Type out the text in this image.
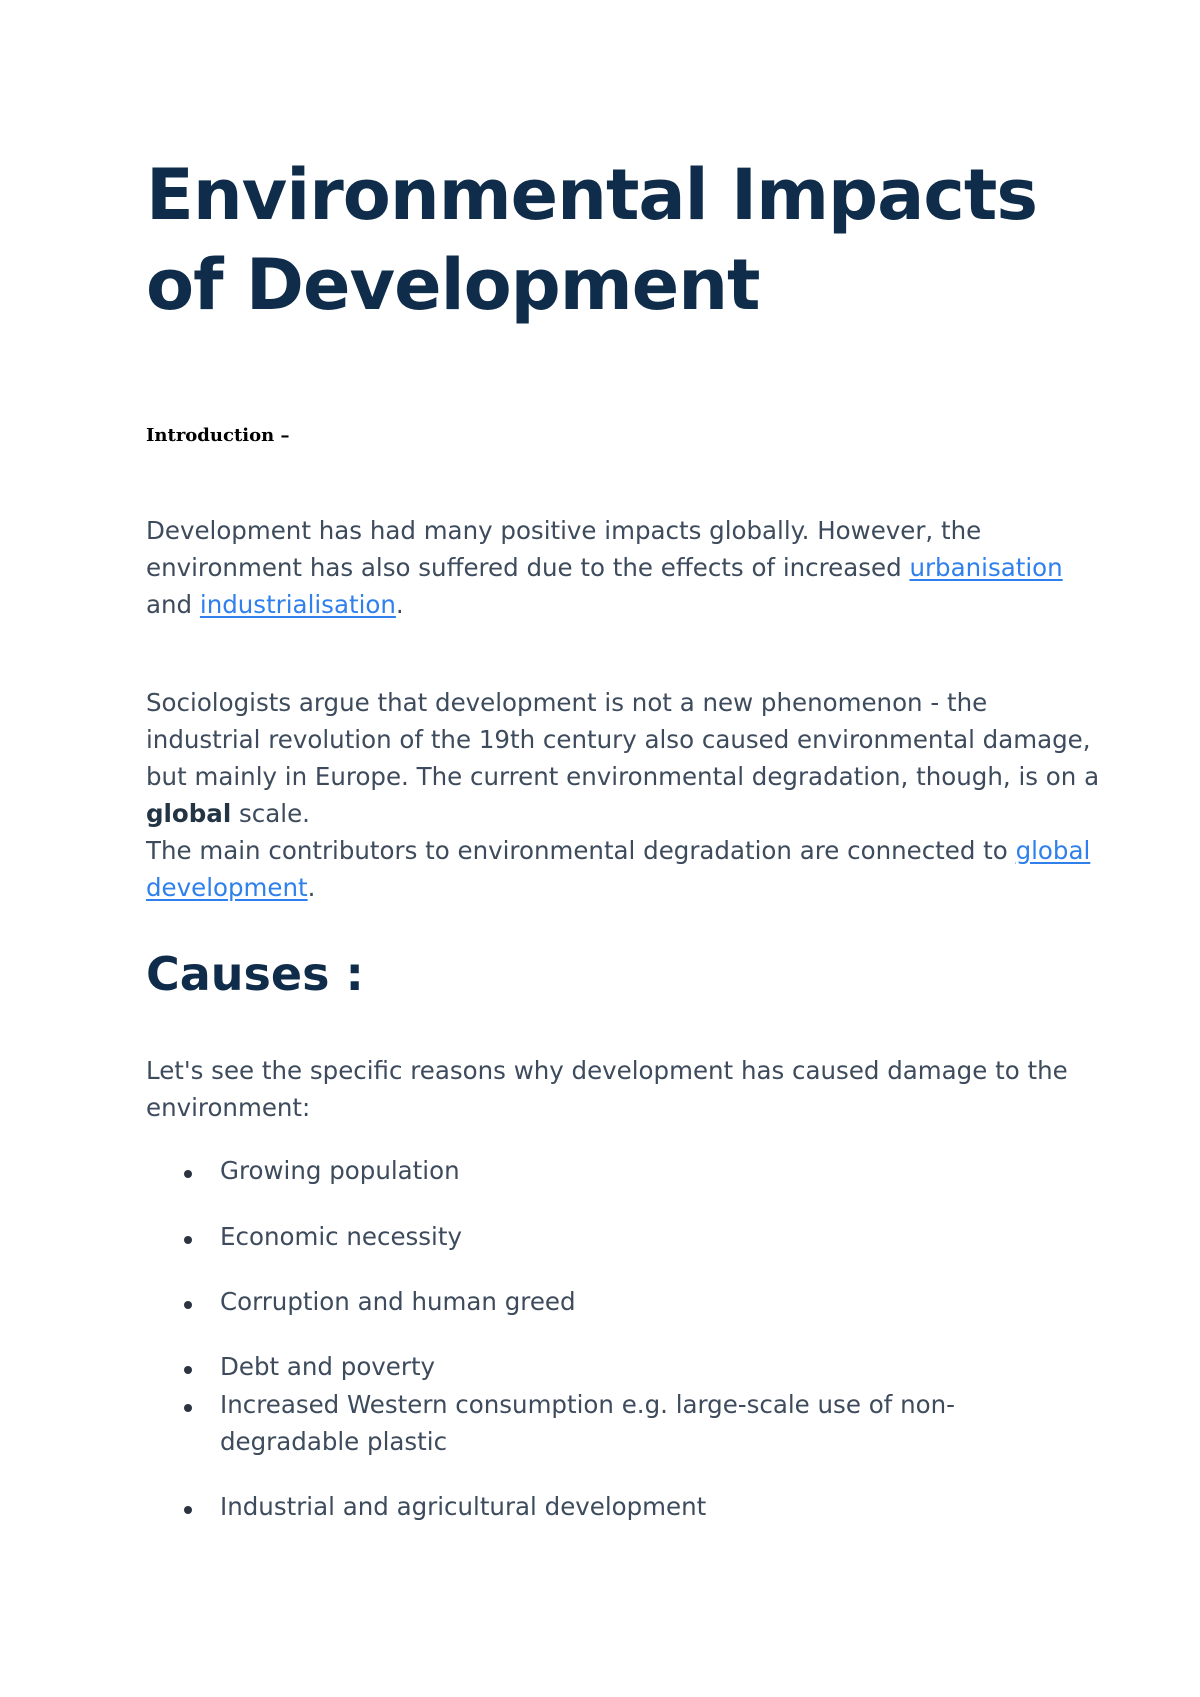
Environmental Impacts of Development

Introduction –

Development has had many positive impacts globally. However, the environment has also suffered due to the effects of increased urbanisation and industrialisation.

Sociologists argue that development is not a new phenomenon - the industrial revolution of the 19th century also caused environmental damage, but mainly in Europe. The current environmental degradation, though, is on a global scale.

The main contributors to environmental degradation are connected to global development.

Causes :

Let's see the specific reasons why development has caused damage to the environment:

Growing population
Economic necessity
Corruption and human greed
Debt and poverty
Increased Western consumption e.g. large-scale use of non-degradable plastic
Industrial and agricultural development
